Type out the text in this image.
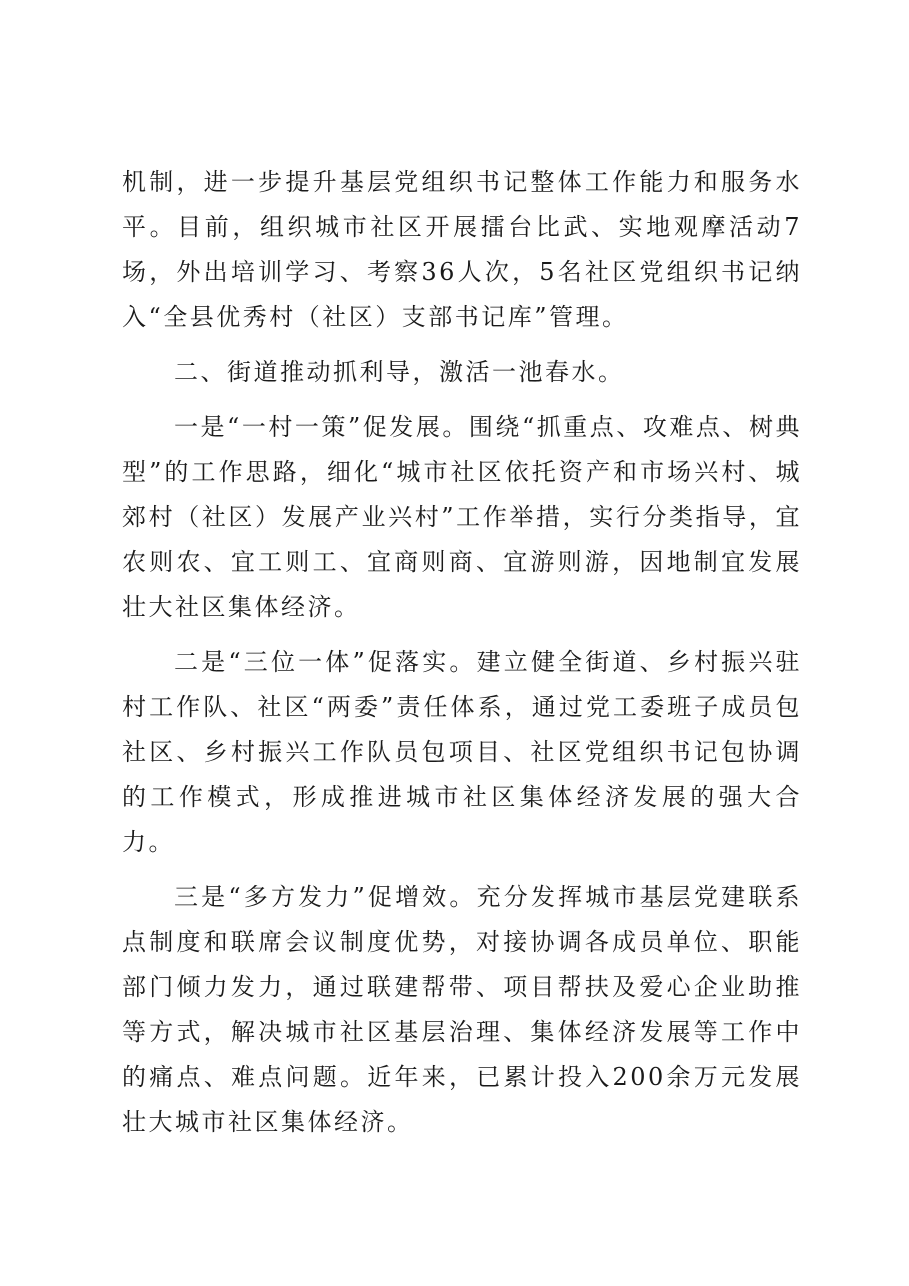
机制，进一步提升基层党组织书记整体工作能力和服务水平。目前，组织城市社区开展擂台比武、实地观摩活动7场，外出培训学习、考察36人次，5名社区党组织书记纳入“全县优秀村（社区）支部书记库”管理。

二、街道推动抓利导，激活一池春水。

一是“一村一策”促发展。围绕“抓重点、攻难点、树典型”的工作思路，细化“城市社区依托资产和市场兴村、城郊村（社区）发展产业兴村”工作举措，实行分类指导，宜农则农、宜工则工、宜商则商、宜游则游，因地制宜发展壮大社区集体经济。

二是“三位一体”促落实。建立健全街道、乡村振兴驻村工作队、社区“两委”责任体系，通过党工委班子成员包社区、乡村振兴工作队员包项目、社区党组织书记包协调的工作模式，形成推进城市社区集体经济发展的强大合力。

三是“多方发力”促增效。充分发挥城市基层党建联系点制度和联席会议制度优势，对接协调各成员单位、职能部门倾力发力，通过联建帮带、项目帮扶及爱心企业助推等方式，解决城市社区基层治理、集体经济发展等工作中的痛点、难点问题。近年来，已累计投入200余万元发展壮大城市社区集体经济。
